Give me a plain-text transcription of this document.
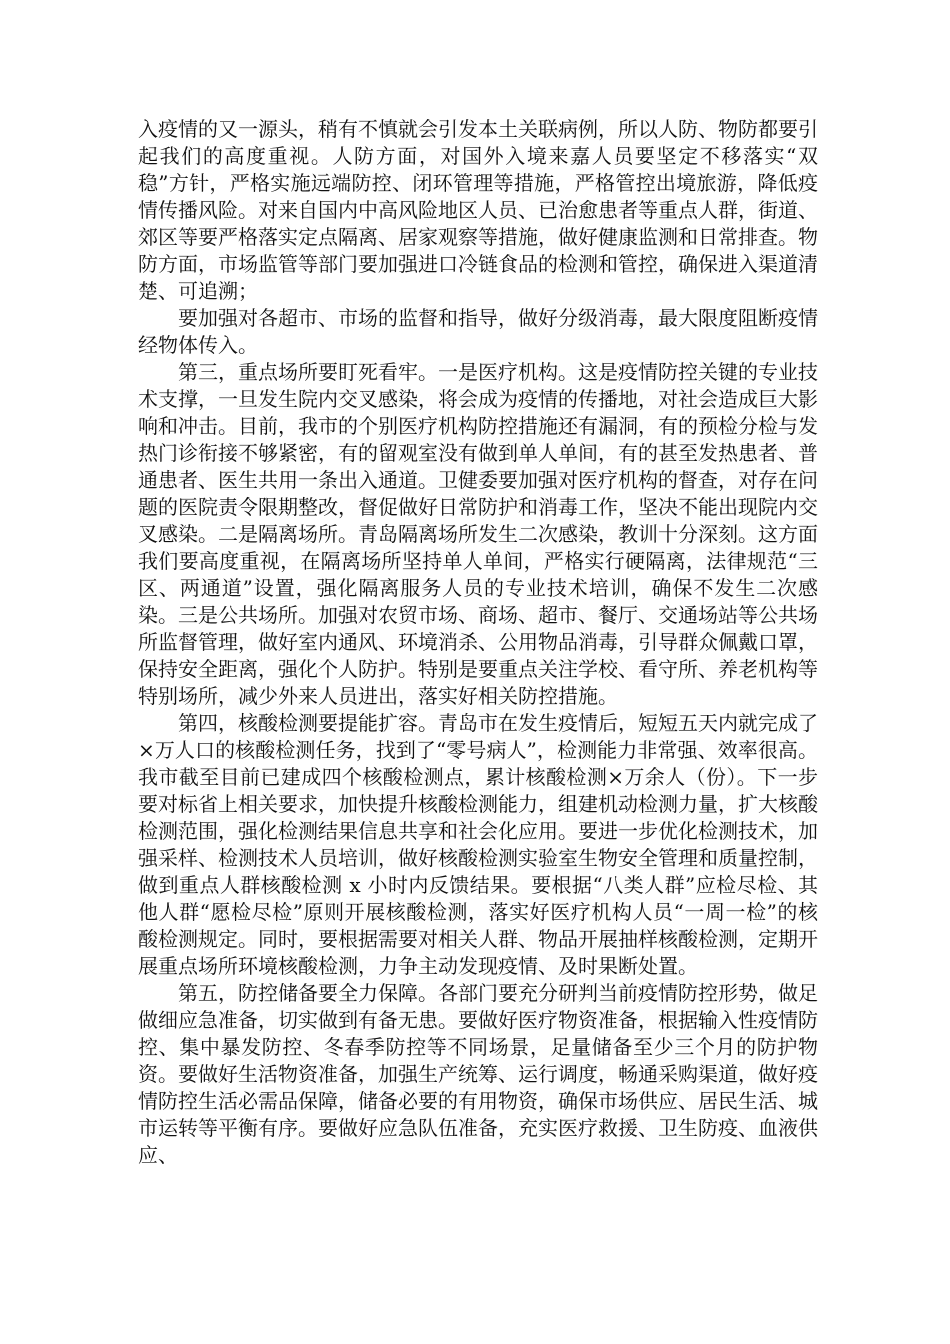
入疫情的又一源头，稍有不慎就会引发本土关联病例，所以人防、物防都要引起我们的高度重视。人防方面，对国外入境来嘉人员要坚定不移落实“双稳”方针，严格实施远端防控、闭环管理等措施，严格管控出境旅游，降低疫情传播风险。对来自国内中高风险地区人员、已治愈患者等重点人群，街道、郊区等要严格落实定点隔离、居家观察等措施，做好健康监测和日常排查。物防方面，市场监管等部门要加强进口冷链食品的检测和管控，确保进入渠道清楚、可追溯；

要加强对各超市、市场的监督和指导，做好分级消毒，最大限度阻断疫情经物体传入。

第三，重点场所要盯死看牢。一是医疗机构。这是疫情防控关键的专业技术支撑，一旦发生院内交叉感染，将会成为疫情的传播地，对社会造成巨大影响和冲击。目前，我市的个别医疗机构防控措施还有漏洞，有的预检分检与发热门诊衔接不够紧密，有的留观室没有做到单人单间，有的甚至发热患者、普通患者、医生共用一条出入通道。卫健委要加强对医疗机构的督查，对存在问题的医院责令限期整改，督促做好日常防护和消毒工作，坚决不能出现院内交叉感染。二是隔离场所。青岛隔离场所发生二次感染，教训十分深刻。这方面我们要高度重视，在隔离场所坚持单人单间，严格实行硬隔离，法律规范“三区、两通道”设置，强化隔离服务人员的专业技术培训，确保不发生二次感染。三是公共场所。加强对农贸市场、商场、超市、餐厅、交通场站等公共场所监督管理，做好室内通风、环境消杀、公用物品消毒，引导群众佩戴口罩，保持安全距离，强化个人防护。特别是要重点关注学校、看守所、养老机构等特别场所，减少外来人员进出，落实好相关防控措施。

第四，核酸检测要提能扩容。青岛市在发生疫情后，短短五天内就完成了×万人口的核酸检测任务，找到了“零号病人”，检测能力非常强、效率很高。我市截至目前已建成四个核酸检测点，累计核酸检测×万余人（份）。下一步要对标省上相关要求，加快提升核酸检测能力，组建机动检测力量，扩大核酸检测范围，强化检测结果信息共享和社会化应用。要进一步优化检测技术，加强采样、检测技术人员培训，做好核酸检测实验室生物安全管理和质量控制，做到重点人群核酸检测 x 小时内反馈结果。要根据“八类人群”应检尽检、其他人群“愿检尽检”原则开展核酸检测，落实好医疗机构人员“一周一检”的核酸检测规定。同时，要根据需要对相关人群、物品开展抽样核酸检测，定期开展重点场所环境核酸检测，力争主动发现疫情、及时果断处置。

第五，防控储备要全力保障。各部门要充分研判当前疫情防控形势，做足做细应急准备，切实做到有备无患。要做好医疗物资准备，根据输入性疫情防控、集中暴发防控、冬春季防控等不同场景，足量储备至少三个月的防护物资。要做好生活物资准备，加强生产统筹、运行调度，畅通采购渠道，做好疫情防控生活必需品保障，储备必要的有用物资，确保市场供应、居民生活、城市运转等平衡有序。要做好应急队伍准备，充实医疗救援、卫生防疫、血液供应、
